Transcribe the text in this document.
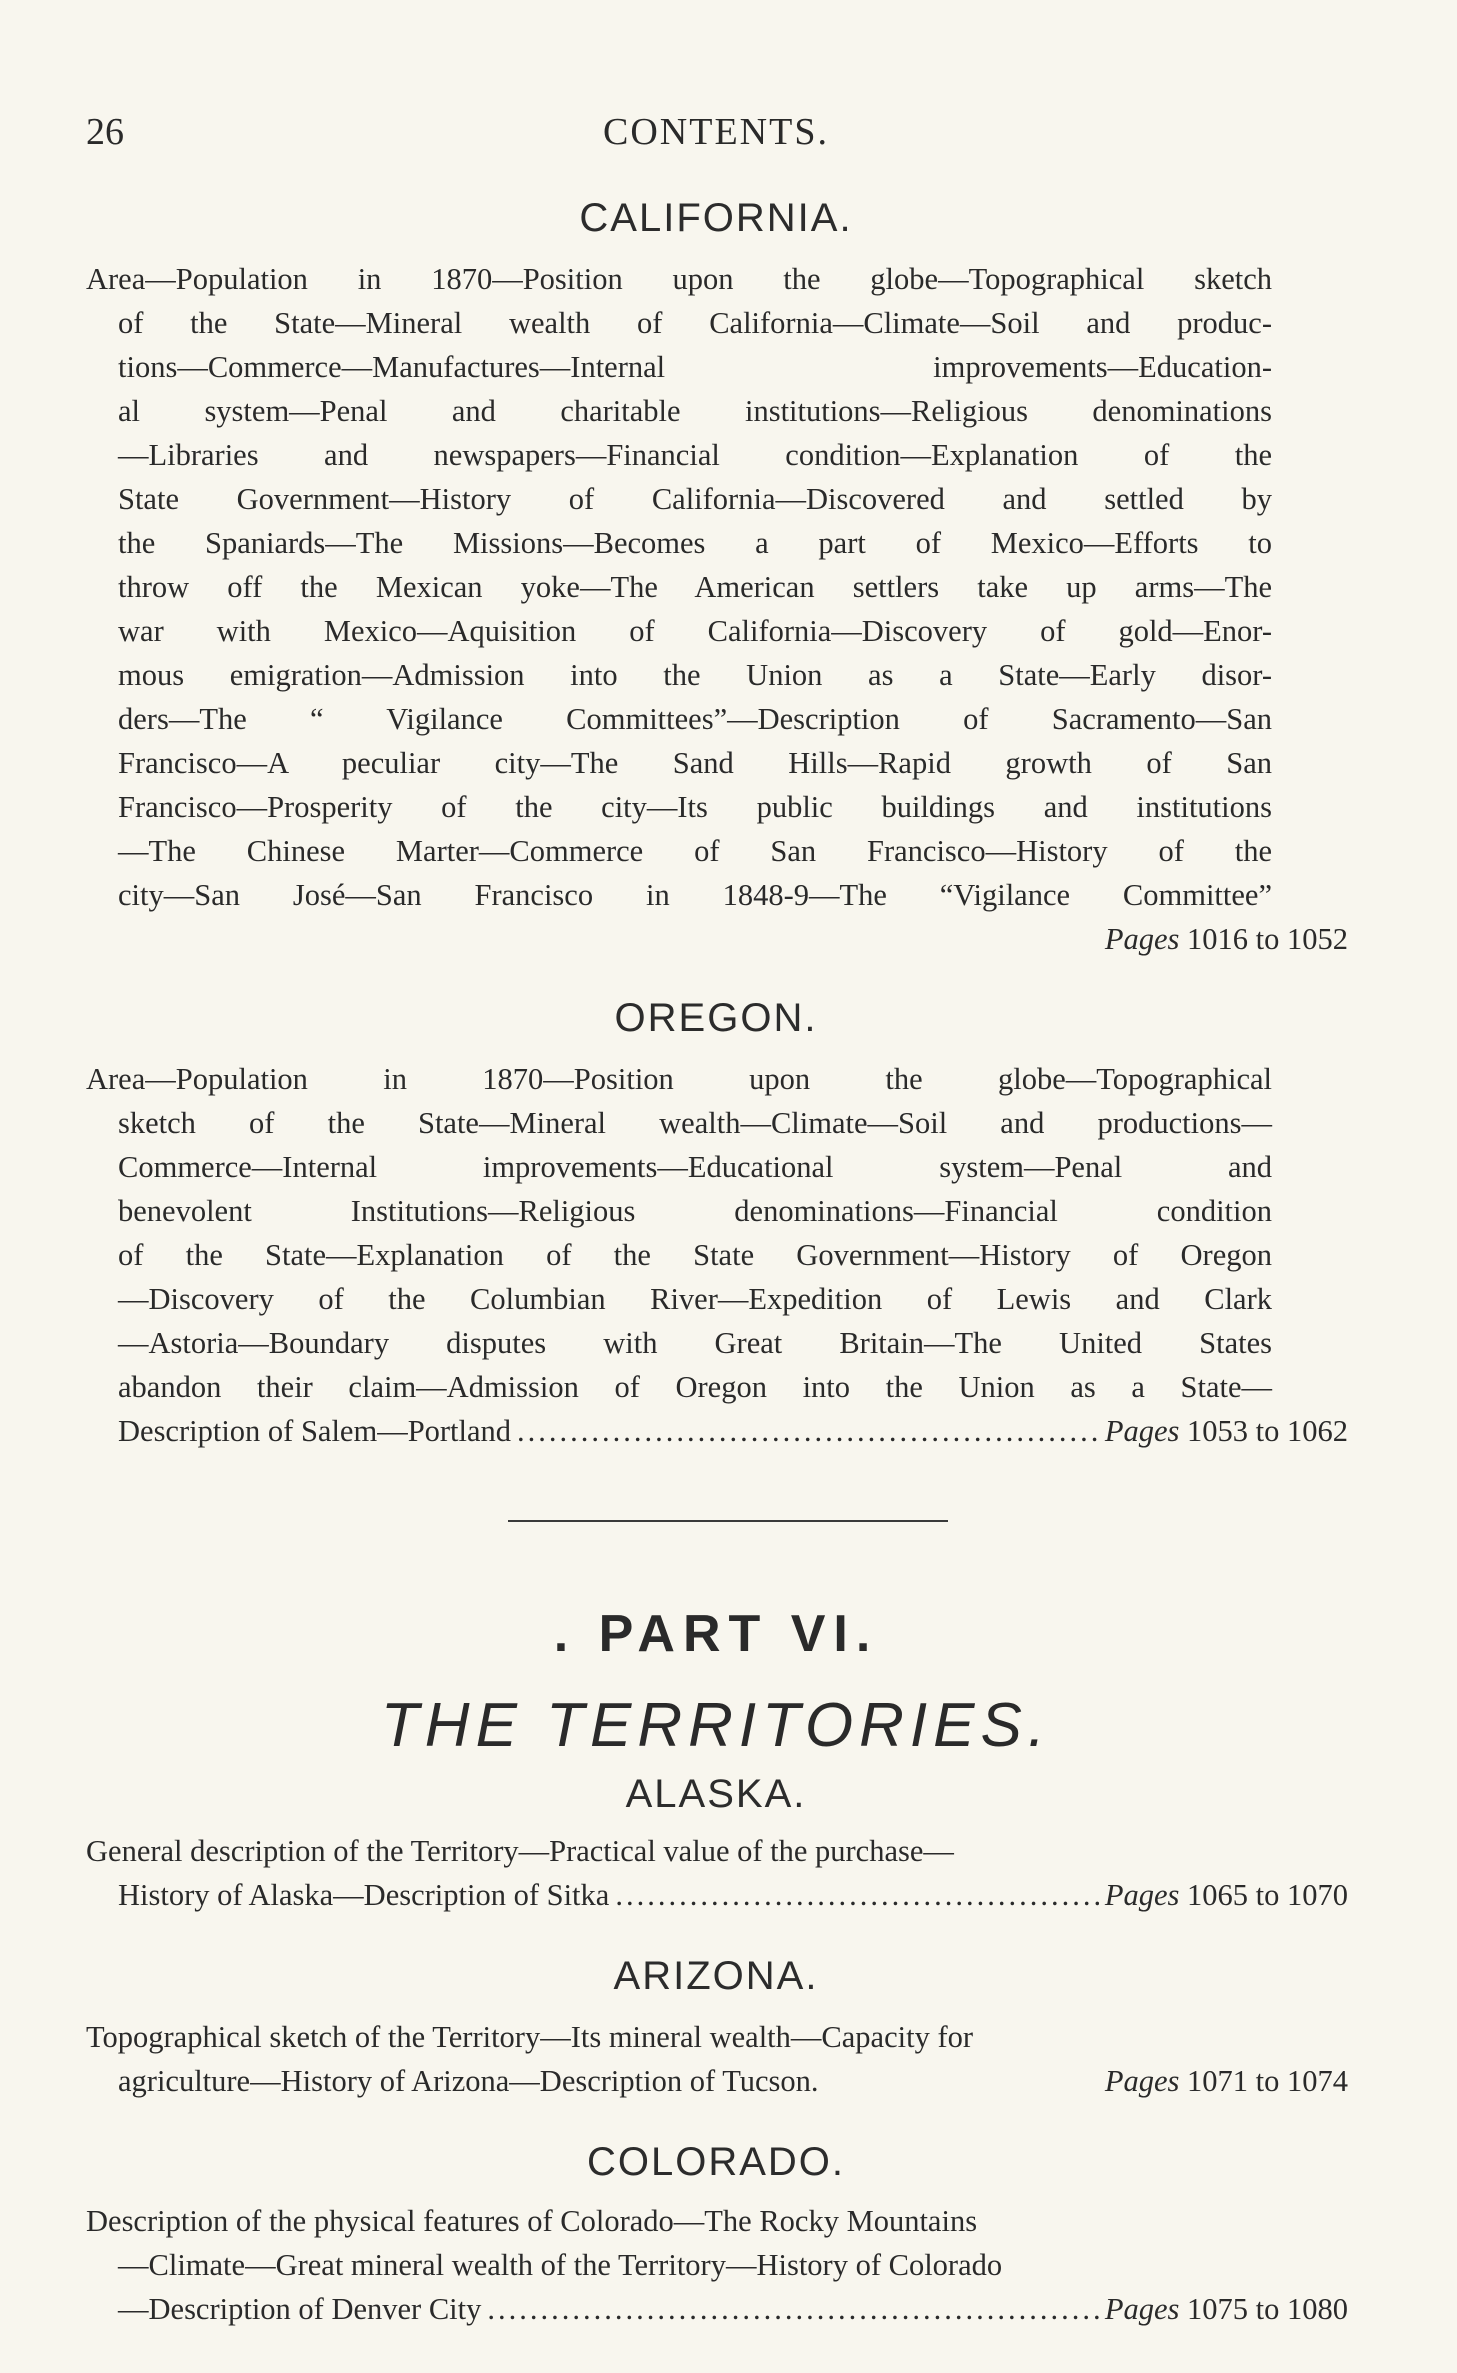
26	CONTENTS.
CALIFORNIA.
Area—Population in 1870—Position upon the globe—Topographical sketch
of the State—Mineral wealth of California—Climate—Soil and produc-
tions—Commerce—Manufactures—Internal improvements—Education-
al system—Penal and charitable institutions—Religious denominations
—Libraries and newspapers—Financial condition—Explanation of the
State Government—History of California—Discovered and settled by
the Spaniards—The Missions—Becomes a part of Mexico—Efforts to
throw off the Mexican yoke—The American settlers take up arms—The
war with Mexico—Aquisition of California—Discovery of gold—Enor-
mous emigration—Admission into the Union as a State—Early disor-
ders—The “ Vigilance Committees”—Description of Sacramento—San
Francisco—A peculiar city—The Sand Hills—Rapid growth of San
Francisco—Prosperity of the city—Its public buildings and institutions
—The Chinese Marter—Commerce of San Francisco—History of the
city—San José—San Francisco in 1848-9—The “Vigilance Committee”
Pages 1016 to 1052
OREGON.
Area—Population in 1870—Position upon the globe—Topographical
sketch of the State—Mineral wealth—Climate—Soil and productions—
Commerce—Internal improvements—Educational system—Penal and
benevolent Institutions—Religious denominations—Financial condition
of the State—Explanation of the State Government—History of Oregon
—Discovery of the Columbian River—Expedition of Lewis and Clark
—Astoria—Boundary disputes with Great Britain—The United States
abandon their claim—Admission of Oregon into the Union as a State—
Description of Salem—Portland .....	Pages 1053 to 1062
. PART VI.
THE TERRITORIES.
ALASKA.
General description of the Territory—Practical value of the purchase—
History of Alaska—Description of Sitka .....	Pages 1065 to 1070
ARIZONA.
Topographical sketch of the Territory—Its mineral wealth—Capacity for
agriculture—History of Arizona—Description of Tucson.	Pages 1071 to 1074
COLORADO.
Description of the physical features of Colorado—The Rocky Mountains
—Climate—Great mineral wealth of the Territory—History of Colorado
—Description of Denver City .....	Pages 1075 to 1080
